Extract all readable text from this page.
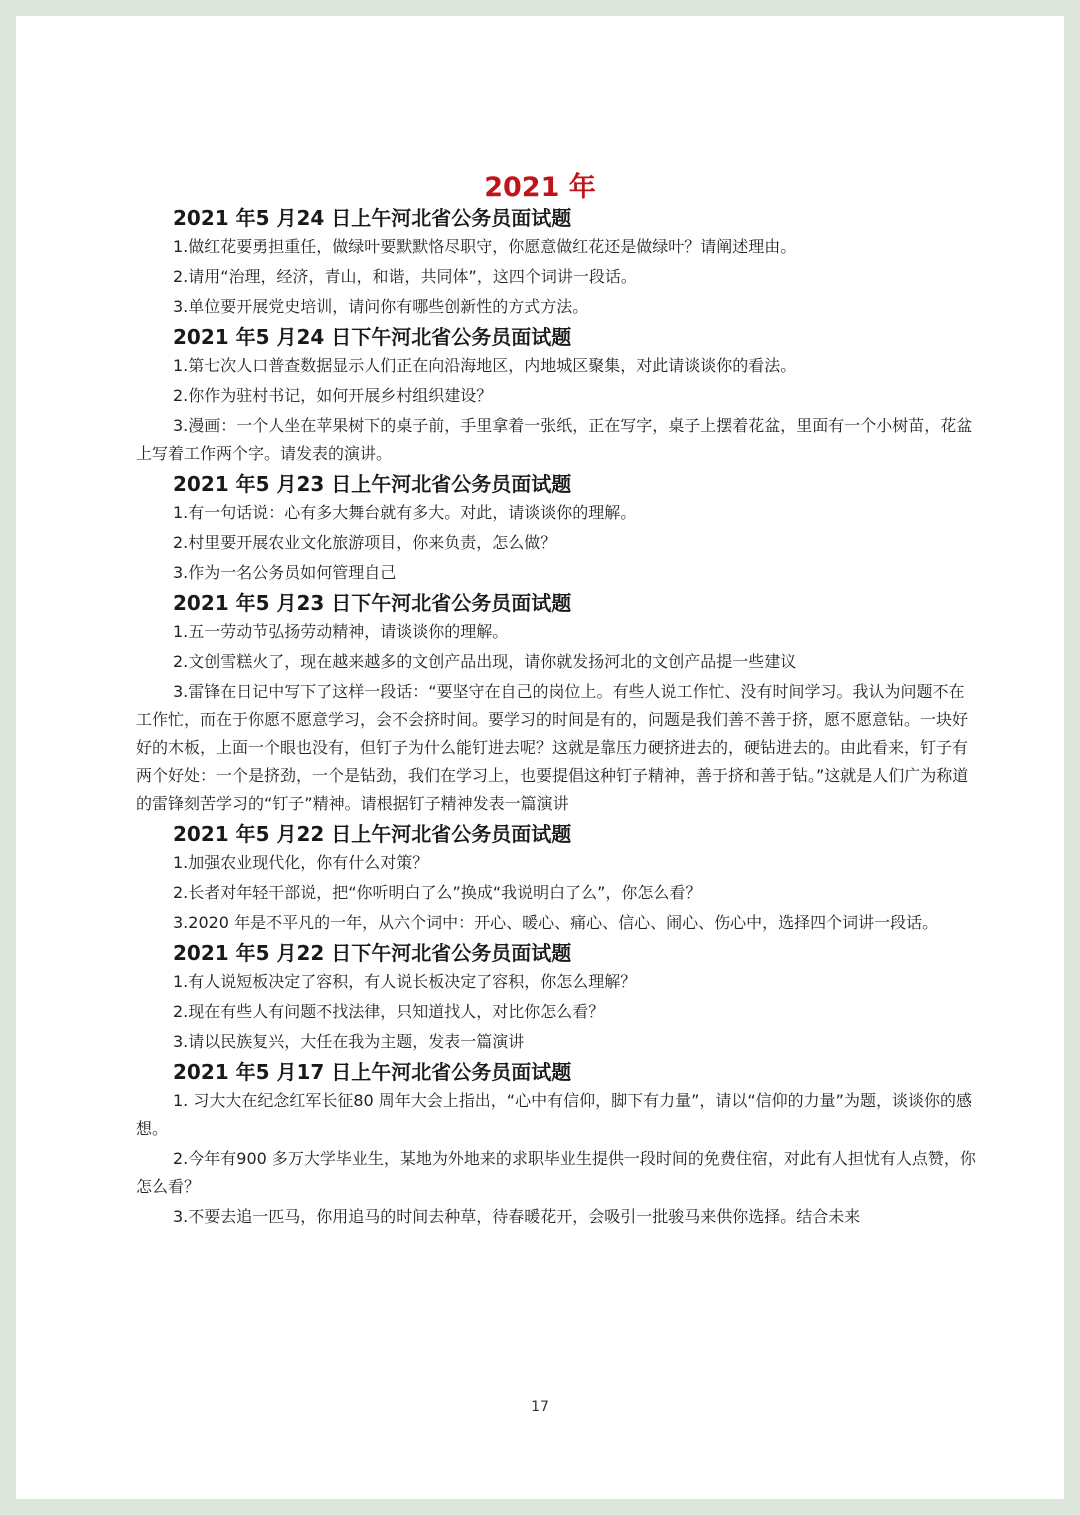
2021 年
2021 年5 月24 日上午河北省公务员面试题

1.做红花要勇担重任，做绿叶要默默恪尽职守，你愿意做红花还是做绿叶？请阐述理由。

2.请用“治理，经济，青山，和谐，共同体”，这四个词讲一段话。

3.单位要开展党史培训，请问你有哪些创新性的方式方法。

2021 年5 月24 日下午河北省公务员面试题

1.第七次人口普查数据显示人们正在向沿海地区，内地城区聚集，对此请谈谈你的看法。

2.你作为驻村书记，如何开展乡村组织建设？

3.漫画：一个人坐在苹果树下的桌子前，手里拿着一张纸，正在写字，桌子上摆着花盆，里面有一个小树苗，花盆上写着工作两个字。请发表的演讲。

2021 年5 月23 日上午河北省公务员面试题

1.有一句话说：心有多大舞台就有多大。对此，请谈谈你的理解。

2.村里要开展农业文化旅游项目，你来负责，怎么做？

3.作为一名公务员如何管理自己

2021 年5 月23 日下午河北省公务员面试题

1.五一劳动节弘扬劳动精神，请谈谈你的理解。

2.文创雪糕火了，现在越来越多的文创产品出现，请你就发扬河北的文创产品提一些建议

3.雷锋在日记中写下了这样一段话：“要坚守在自己的岗位上。有些人说工作忙、没有时间学习。我认为问题不在工作忙，而在于你愿不愿意学习，会不会挤时间。要学习的时间是有的，问题是我们善不善于挤，愿不愿意钻。一块好好的木板，上面一个眼也没有，但钉子为什么能钉进去呢？这就是靠压力硬挤进去的，硬钻进去的。由此看来，钉子有两个好处：一个是挤劲，一个是钻劲，我们在学习上，也要提倡这种钉子精神，善于挤和善于钻。”这就是人们广为称道的雷锋刻苦学习的“钉子”精神。请根据钉子精神发表一篇演讲

2021 年5 月22 日上午河北省公务员面试题

1.加强农业现代化，你有什么对策？

2.长者对年轻干部说，把“你听明白了么”换成“我说明白了么”，你怎么看？

3.2020 年是不平凡的一年，从六个词中：开心、暖心、痛心、信心、闹心、伤心中，选择四个词讲一段话。

2021 年5 月22 日下午河北省公务员面试题

1.有人说短板决定了容积，有人说长板决定了容积，你怎么理解？

2.现在有些人有问题不找法律，只知道找人，对比你怎么看？

3.请以民族复兴，大任在我为主题，发表一篇演讲

2021 年5 月17 日上午河北省公务员面试题

1. 习大大在纪念红军长征80 周年大会上指出，“心中有信仰，脚下有力量”，请以“信仰的力量”为题，谈谈你的感想。

2.今年有900 多万大学毕业生，某地为外地来的求职毕业生提供一段时间的免费住宿，对此有人担忧有人点赞，你怎么看？

3.不要去追一匹马，你用追马的时间去种草，待春暖花开，会吸引一批骏马来供你选择。结合未来

17
